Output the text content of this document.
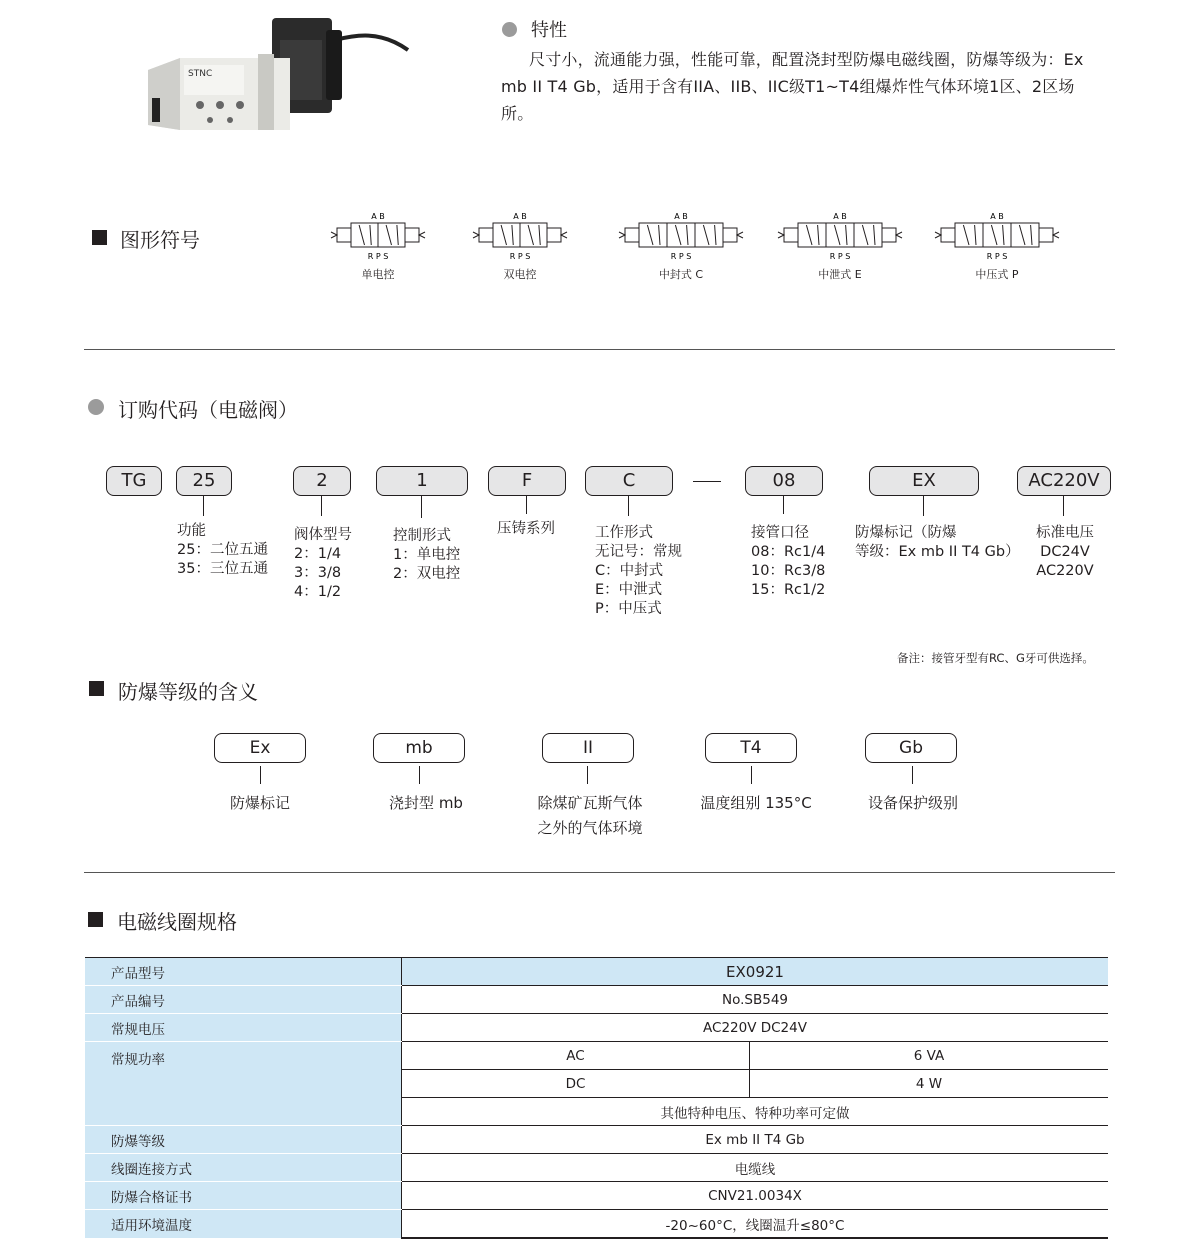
STNC
特性
尺寸小，流通能力强，性能可靠，配置浇封型防爆电磁线圈，防爆等级为：Ex mb II T4 Gb，适用于含有IIA、IIB、IIC级T1~T4组爆炸性气体环境1区、2区场所。
图形符号
A B
R P S
单电控
A B
R P S
双电控
A B
R P S
中封式 C
A B
R P S
中泄式 E
A B
R P S
中压式 P
订购代码（电磁阀）
TG	25	2	1	F	C	08	EX	AC220V
功能
25：二位五通
35：三位五通
阀体型号
2：1/4
3：3/8
4：1/2
控制形式
1：单电控
2：双电控
压铸系列	工作形式
无记号：常规
C：中封式
E：中泄式
P：中压式
接管口径
08：Rc1/4
10：Rc3/8
15：Rc1/2
防爆标记（防爆
等级：Ex mb II T4 Gb）
标准电压
DC24V
AC220V
备注：接管牙型有RC、G牙可供选择。
防爆等级的含义
Ex	mb	II	T4	Gb
防爆标记	浇封型 mb	除煤矿瓦斯气体
之外的气体环境
温度组别 135°C	设备保护级别
电磁线圈规格
产品型号	EX0921	
产品编号	No.SB549	
常规电压	AC220V DC24V	
常规功率	AC	6 VA
	DC	4 W
	其他特种电压、特种功率可定做	
防爆等级	Ex mb II T4 Gb	
线圈连接方式	电缆线	
防爆合格证书	CNV21.0034X	
适用环境温度	-20~60°C，线圈温升≤80°C	
